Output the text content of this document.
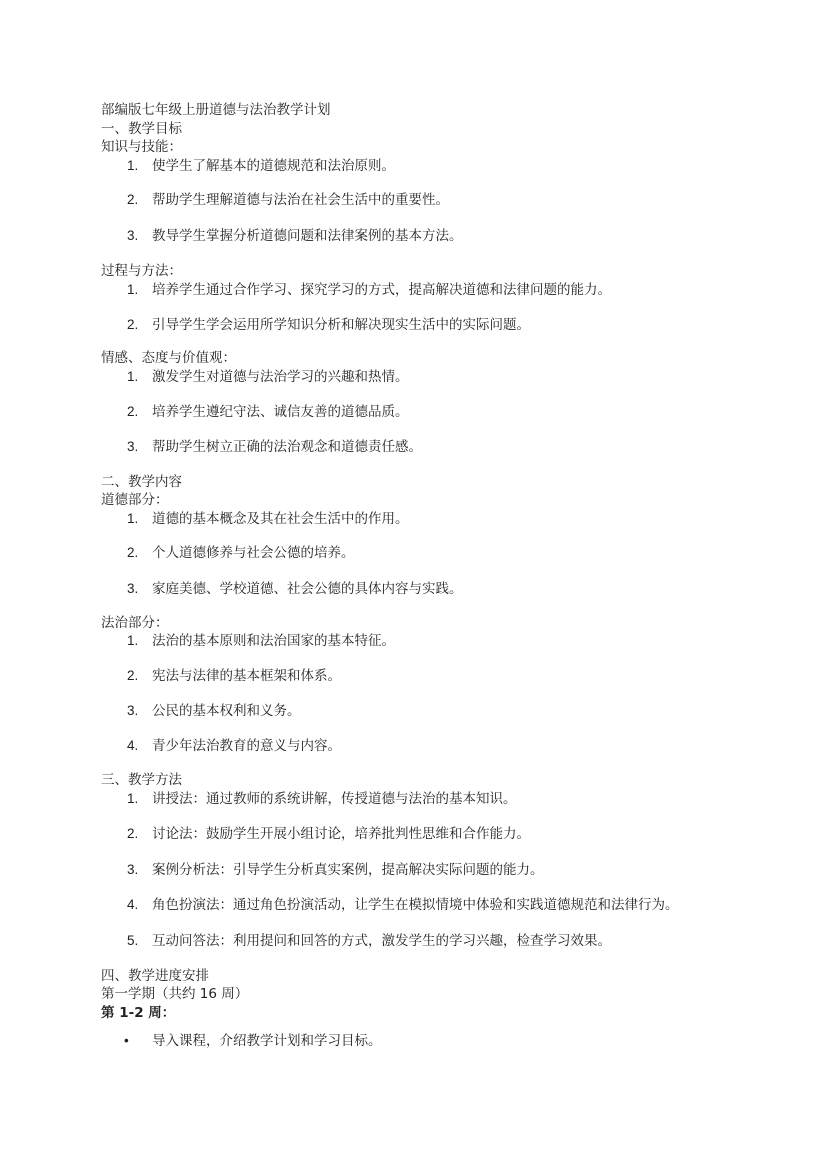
部编版七年级上册道德与法治教学计划
一、教学目标
知识与技能：
1. 使学生了解基本的道德规范和法治原则。
2. 帮助学生理解道德与法治在社会生活中的重要性。
3. 教导学生掌握分析道德问题和法律案例的基本方法。
过程与方法：
1. 培养学生通过合作学习、探究学习的方式，提高解决道德和法律问题的能力。
2. 引导学生学会运用所学知识分析和解决现实生活中的实际问题。
情感、态度与价值观：
1. 激发学生对道德与法治学习的兴趣和热情。
2. 培养学生遵纪守法、诚信友善的道德品质。
3. 帮助学生树立正确的法治观念和道德责任感。
二、教学内容
道德部分：
1. 道德的基本概念及其在社会生活中的作用。
2. 个人道德修养与社会公德的培养。
3. 家庭美德、学校道德、社会公德的具体内容与实践。
法治部分：
1. 法治的基本原则和法治国家的基本特征。
2. 宪法与法律的基本框架和体系。
3. 公民的基本权利和义务。
4. 青少年法治教育的意义与内容。
三、教学方法
1. 讲授法：通过教师的系统讲解，传授道德与法治的基本知识。
2. 讨论法：鼓励学生开展小组讨论，培养批判性思维和合作能力。
3. 案例分析法：引导学生分析真实案例，提高解决实际问题的能力。
4. 角色扮演法：通过角色扮演活动，让学生在模拟情境中体验和实践道德规范和法律行为。
5. 互动问答法：利用提问和回答的方式，激发学生的学习兴趣，检查学习效果。
四、教学进度安排
第一学期（共约 16 周）
第 1-2 周：
• 导入课程，介绍教学计划和学习目标。
